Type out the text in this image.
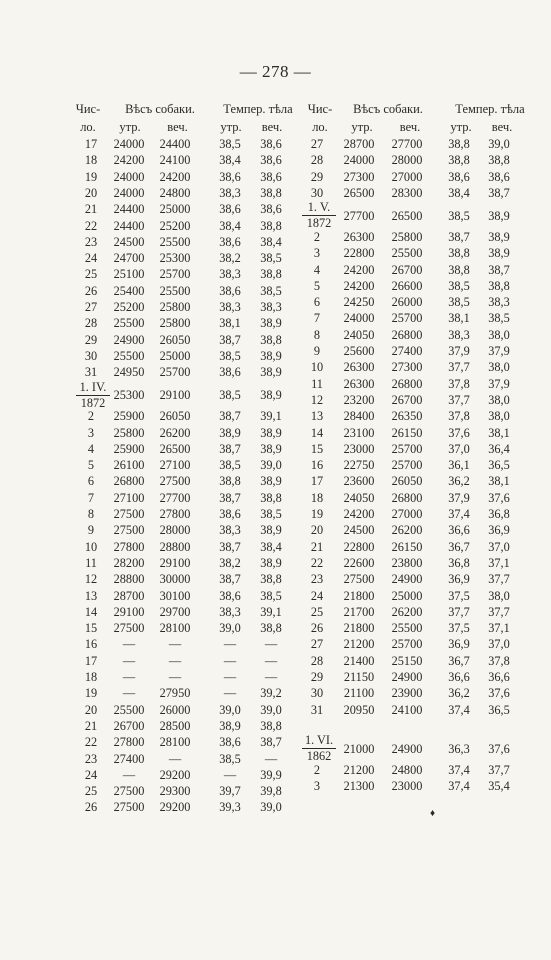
— 278 —
Чис-
ло.
Вѣсъ собаки.
утр.	веч.
Темпер. тѣла
утр.	веч.
Чис-
ло.
Вѣсъ собаки.
утр.	веч.
Темпер. тѣла
утр.	веч.
17	24000	24400	38,5	38,6
18	24200	24100	38,4	38,6
19	24000	24200	38,6	38,6
20	24000	24800	38,3	38,8
21	24400	25000	38,6	38,6
22	24400	25200	38,4	38,8
23	24500	25500	38,6	38,4
24	24700	25300	38,2	38,5
25	25100	25700	38,3	38,8
26	25400	25500	38,6	38,5
27	25200	25800	38,3	38,3
28	25500	25800	38,1	38,9
29	24900	26050	38,7	38,8
30	25500	25000	38,5	38,9
31	24950	25700	38,6	38,9
1. IV.
1872
25300	29100	38,5	38,9
2	25900	26050	38,7	39,1
3	25800	26200	38,9	38,9
4	25900	26500	38,7	38,9
5	26100	27100	38,5	39,0
6	26800	27500	38,8	38,9
7	27100	27700	38,7	38,8
8	27500	27800	38,6	38,5
9	27500	28000	38,3	38,9
10	27800	28800	38,7	38,4
11	28200	29100	38,2	38,9
12	28800	30000	38,7	38,8
13	28700	30100	38,6	38,5
14	29100	29700	38,3	39,1
15	27500	28100	39,0	38,8
16	—	—	—	—
17	—	—	—	—
18	—	—	—	—
19	—	27950	—	39,2
20	25500	26000	39,0	39,0
21	26700	28500	38,9	38,8
22	27800	28100	38,6	38,7
23	27400	—	38,5	—
24	—	29200	—	39,9
25	27500	29300	39,7	39,8
26	27500	29200	39,3	39,0
27	28700	27700	38,8	39,0
28	24000	28000	38,8	38,8
29	27300	27000	38,6	38,6
30	26500	28300	38,4	38,7
1. V.
1872
27700	26500	38,5	38,9
2	26300	25800	38,7	38,9
3	22800	25500	38,8	38,9
4	24200	26700	38,8	38,7
5	24200	26600	38,5	38,8
6	24250	26000	38,5	38,3
7	24000	25700	38,1	38,5
8	24050	26800	38,3	38,0
9	25600	27400	37,9	37,9
10	26300	27300	37,7	38,0
11	26300	26800	37,8	37,9
12	23200	26700	37,7	38,0
13	28400	26350	37,8	38,0
14	23100	26150	37,6	38,1
15	23000	25700	37,0	36,4
16	22750	25700	36,1	36,5
17	23600	26050	36,2	38,1
18	24050	26800	37,9	37,6
19	24200	27000	37,4	36,8
20	24500	26200	36,6	36,9
21	22800	26150	36,7	37,0
22	22600	23800	36,8	37,1
23	27500	24900	36,9	37,7
24	21800	25000	37,5	38,0
25	21700	26200	37,7	37,7
26	21800	25500	37,5	37,1
27	21200	25700	36,9	37,0
28	21400	25150	36,7	37,8
29	21150	24900	36,6	36,6
30	21100	23900	36,2	37,6
31	20950	24100	37,4	36,5
1. VI.
1862
21000	24900	36,3	37,6
2	21200	24800	37,4	37,7
3	21300	23000	37,4	35,4
♦
